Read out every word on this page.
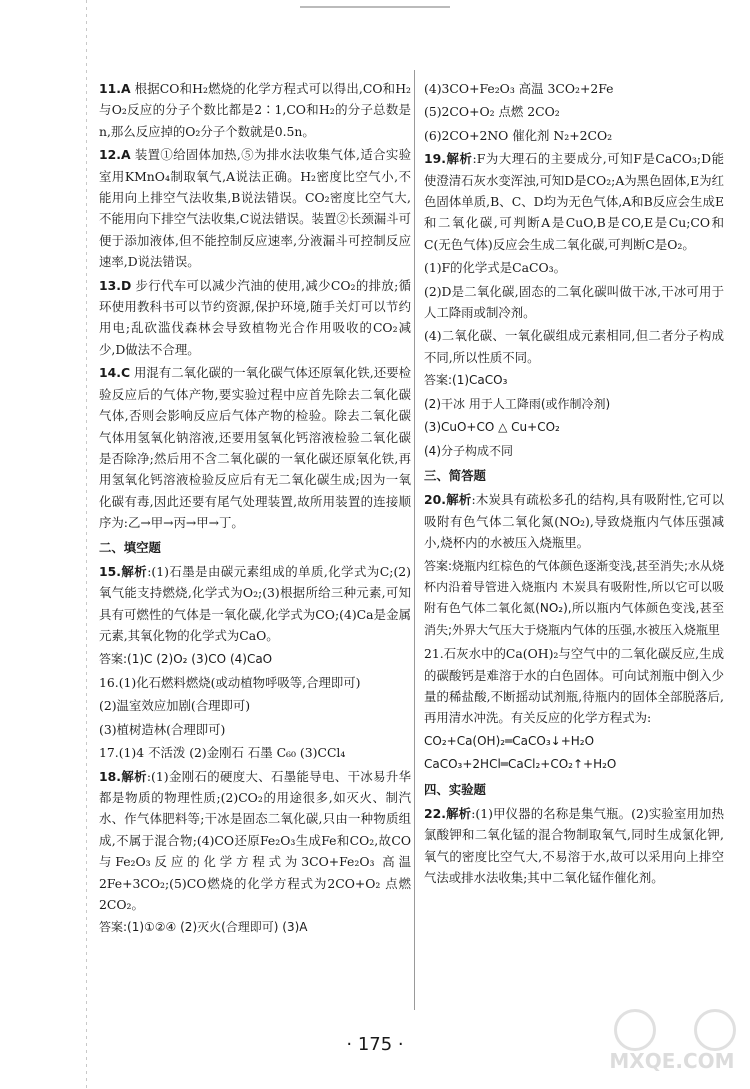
11.A 根据CO和H₂燃烧的化学方程式可以得出,CO和H₂与O₂反应的分子个数比都是2∶1,CO和H₂的分子总数是n,那么反应掉的O₂分子个数就是0.5n。

12.A 装置①给固体加热,⑤为排水法收集气体,适合实验室用KMnO₄制取氧气,A说法正确。H₂密度比空气小,不能用向上排空气法收集,B说法错误。CO₂密度比空气大,不能用向下排空气法收集,C说法错误。装置②长颈漏斗可便于添加液体,但不能控制反应速率,分液漏斗可控制反应速率,D说法错误。

13.D 步行代车可以减少汽油的使用,减少CO₂的排放;循环使用教科书可以节约资源,保护环境,随手关灯可以节约用电;乱砍滥伐森林会导致植物光合作用吸收的CO₂减少,D做法不合理。

14.C 用混有二氧化碳的一氧化碳气体还原氧化铁,还要检验反应后的气体产物,要实验过程中应首先除去二氧化碳气体,否则会影响反应后气体产物的检验。除去二氧化碳气体用氢氧化钠溶液,还要用氢氧化钙溶液检验二氧化碳是否除净;然后用不含二氧化碳的一氧化碳还原氧化铁,再用氢氧化钙溶液检验反应后有无二氧化碳生成;因为一氧化碳有毒,因此还要有尾气处理装置,故所用装置的连接顺序为:乙→甲→丙→甲→丁。

二、填空题

15.解析:(1)石墨是由碳元素组成的单质,化学式为C;(2)氧气能支持燃烧,化学式为O₂;(3)根据所给三种元素,可知具有可燃性的气体是一氧化碳,化学式为CO;(4)Ca是金属元素,其氧化物的化学式为CaO。

答案:(1)C (2)O₂ (3)CO (4)CaO

16.(1)化石燃料燃烧(或动植物呼吸等,合理即可)

(2)温室效应加剧(合理即可)

(3)植树造林(合理即可)

17.(1)4 不活泼 (2)金刚石 石墨 C₆₀ (3)CCl₄

18.解析:(1)金刚石的硬度大、石墨能导电、干冰易升华都是物质的物理性质;(2)CO₂的用途很多,如灭火、制汽水、作气体肥料等;干冰是固态二氧化碳,只由一种物质组成,不属于混合物;(4)CO还原Fe₂O₃生成Fe和CO₂,故CO与Fe₂O₃反应的化学方程式为3CO+Fe₂O₃ 高温 2Fe+3CO₂;(5)CO燃烧的化学方程式为2CO+O₂ 点燃 2CO₂。

答案:(1)①②④ (2)灭火(合理即可) (3)A

(4)3CO+Fe₂O₃ 高温 3CO₂+2Fe

(5)2CO+O₂ 点燃 2CO₂

(6)2CO+2NO 催化剂 N₂+2CO₂

19.解析:F为大理石的主要成分,可知F是CaCO₃;D能使澄清石灰水变浑浊,可知D是CO₂;A为黑色固体,E为红色固体单质,B、C、D均为无色气体,A和B反应会生成E和二氧化碳,可判断A是CuO,B是CO,E是Cu;CO和C(无色气体)反应会生成二氧化碳,可判断C是O₂。

(1)F的化学式是CaCO₃。

(2)D是二氧化碳,固态的二氧化碳叫做干冰,干冰可用于人工降雨或制冷剂。

(4)二氧化碳、一氧化碳组成元素相同,但二者分子构成不同,所以性质不同。

答案:(1)CaCO₃

(2)干冰 用于人工降雨(或作制冷剂)

(3)CuO+CO △ Cu+CO₂

(4)分子构成不同

三、简答题

20.解析:木炭具有疏松多孔的结构,具有吸附性,它可以吸附有色气体二氧化氮(NO₂),导致烧瓶内气体压强减小,烧杯内的水被压入烧瓶里。

答案:烧瓶内红棕色的气体颜色逐渐变浅,甚至消失;水从烧杯内沿着导管进入烧瓶内 木炭具有吸附性,所以它可以吸附有色气体二氧化氮(NO₂),所以瓶内气体颜色变浅,甚至消失;外界大气压大于烧瓶内气体的压强,水被压入烧瓶里

21.石灰水中的Ca(OH)₂与空气中的二氧化碳反应,生成的碳酸钙是难溶于水的白色固体。可向试剂瓶中倒入少量的稀盐酸,不断摇动试剂瓶,待瓶内的固体全部脱落后,再用清水冲洗。有关反应的化学方程式为:

CO₂+Ca(OH)₂═CaCO₃↓+H₂O

CaCO₃+2HCl═CaCl₂+CO₂↑+H₂O

四、实验题

22.解析:(1)甲仪器的名称是集气瓶。(2)实验室用加热氯酸钾和二氧化锰的混合物制取氧气,同时生成氯化钾,氧气的密度比空气大,不易溶于水,故可以采用向上排空气法或排水法收集;其中二氧化锰作催化剂。

· 175 ·
MXQE.COM
